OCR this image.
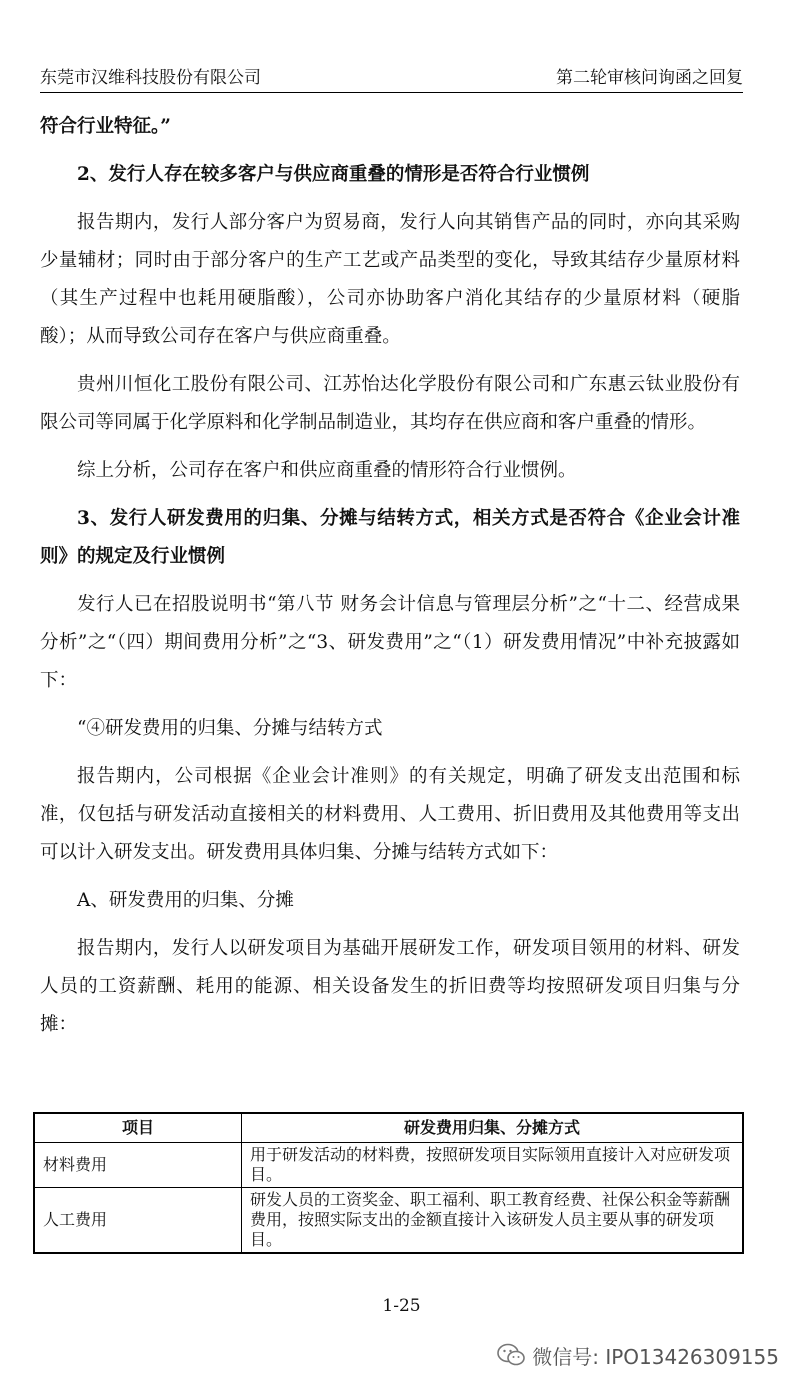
东莞市汉维科技股份有限公司	第二轮审核问询函之回复

符合行业特征。”

2、发行人存在较多客户与供应商重叠的情形是否符合行业惯例

报告期内，发行人部分客户为贸易商，发行人向其销售产品的同时，亦向其采购少量辅材；同时由于部分客户的生产工艺或产品类型的变化，导致其结存少量原材料（其生产过程中也耗用硬脂酸），公司亦协助客户消化其结存的少量原材料（硬脂酸）；从而导致公司存在客户与供应商重叠。

贵州川恒化工股份有限公司、江苏怡达化学股份有限公司和广东惠云钛业股份有限公司等同属于化学原料和化学制品制造业，其均存在供应商和客户重叠的情形。

综上分析，公司存在客户和供应商重叠的情形符合行业惯例。

3、发行人研发费用的归集、分摊与结转方式，相关方式是否符合《企业会计准则》的规定及行业惯例

发行人已在招股说明书“第八节 财务会计信息与管理层分析”之“十二、经营成果分析”之“（四）期间费用分析”之“3、研发费用”之“（1）研发费用情况”中补充披露如下：

“④研发费用的归集、分摊与结转方式

报告期内，公司根据《企业会计准则》的有关规定，明确了研发支出范围和标准，仅包括与研发活动直接相关的材料费用、人工费用、折旧费用及其他费用等支出可以计入研发支出。研发费用具体归集、分摊与结转方式如下：

A、研发费用的归集、分摊

报告期内，发行人以研发项目为基础开展研发工作，研发项目领用的材料、研发人员的工资薪酬、耗用的能源、相关设备发生的折旧费等均按照研发项目归集与分摊：

项目	研发费用归集、分摊方式
材料费用	用于研发活动的材料费，按照研发项目实际领用直接计入对应研发项目。
人工费用	研发人员的工资奖金、职工福利、职工教育经费、社保公积金等薪酬费用，按照实际支出的金额直接计入该研发人员主要从事的研发项目。
1-25
微信号: IPO13426309155
